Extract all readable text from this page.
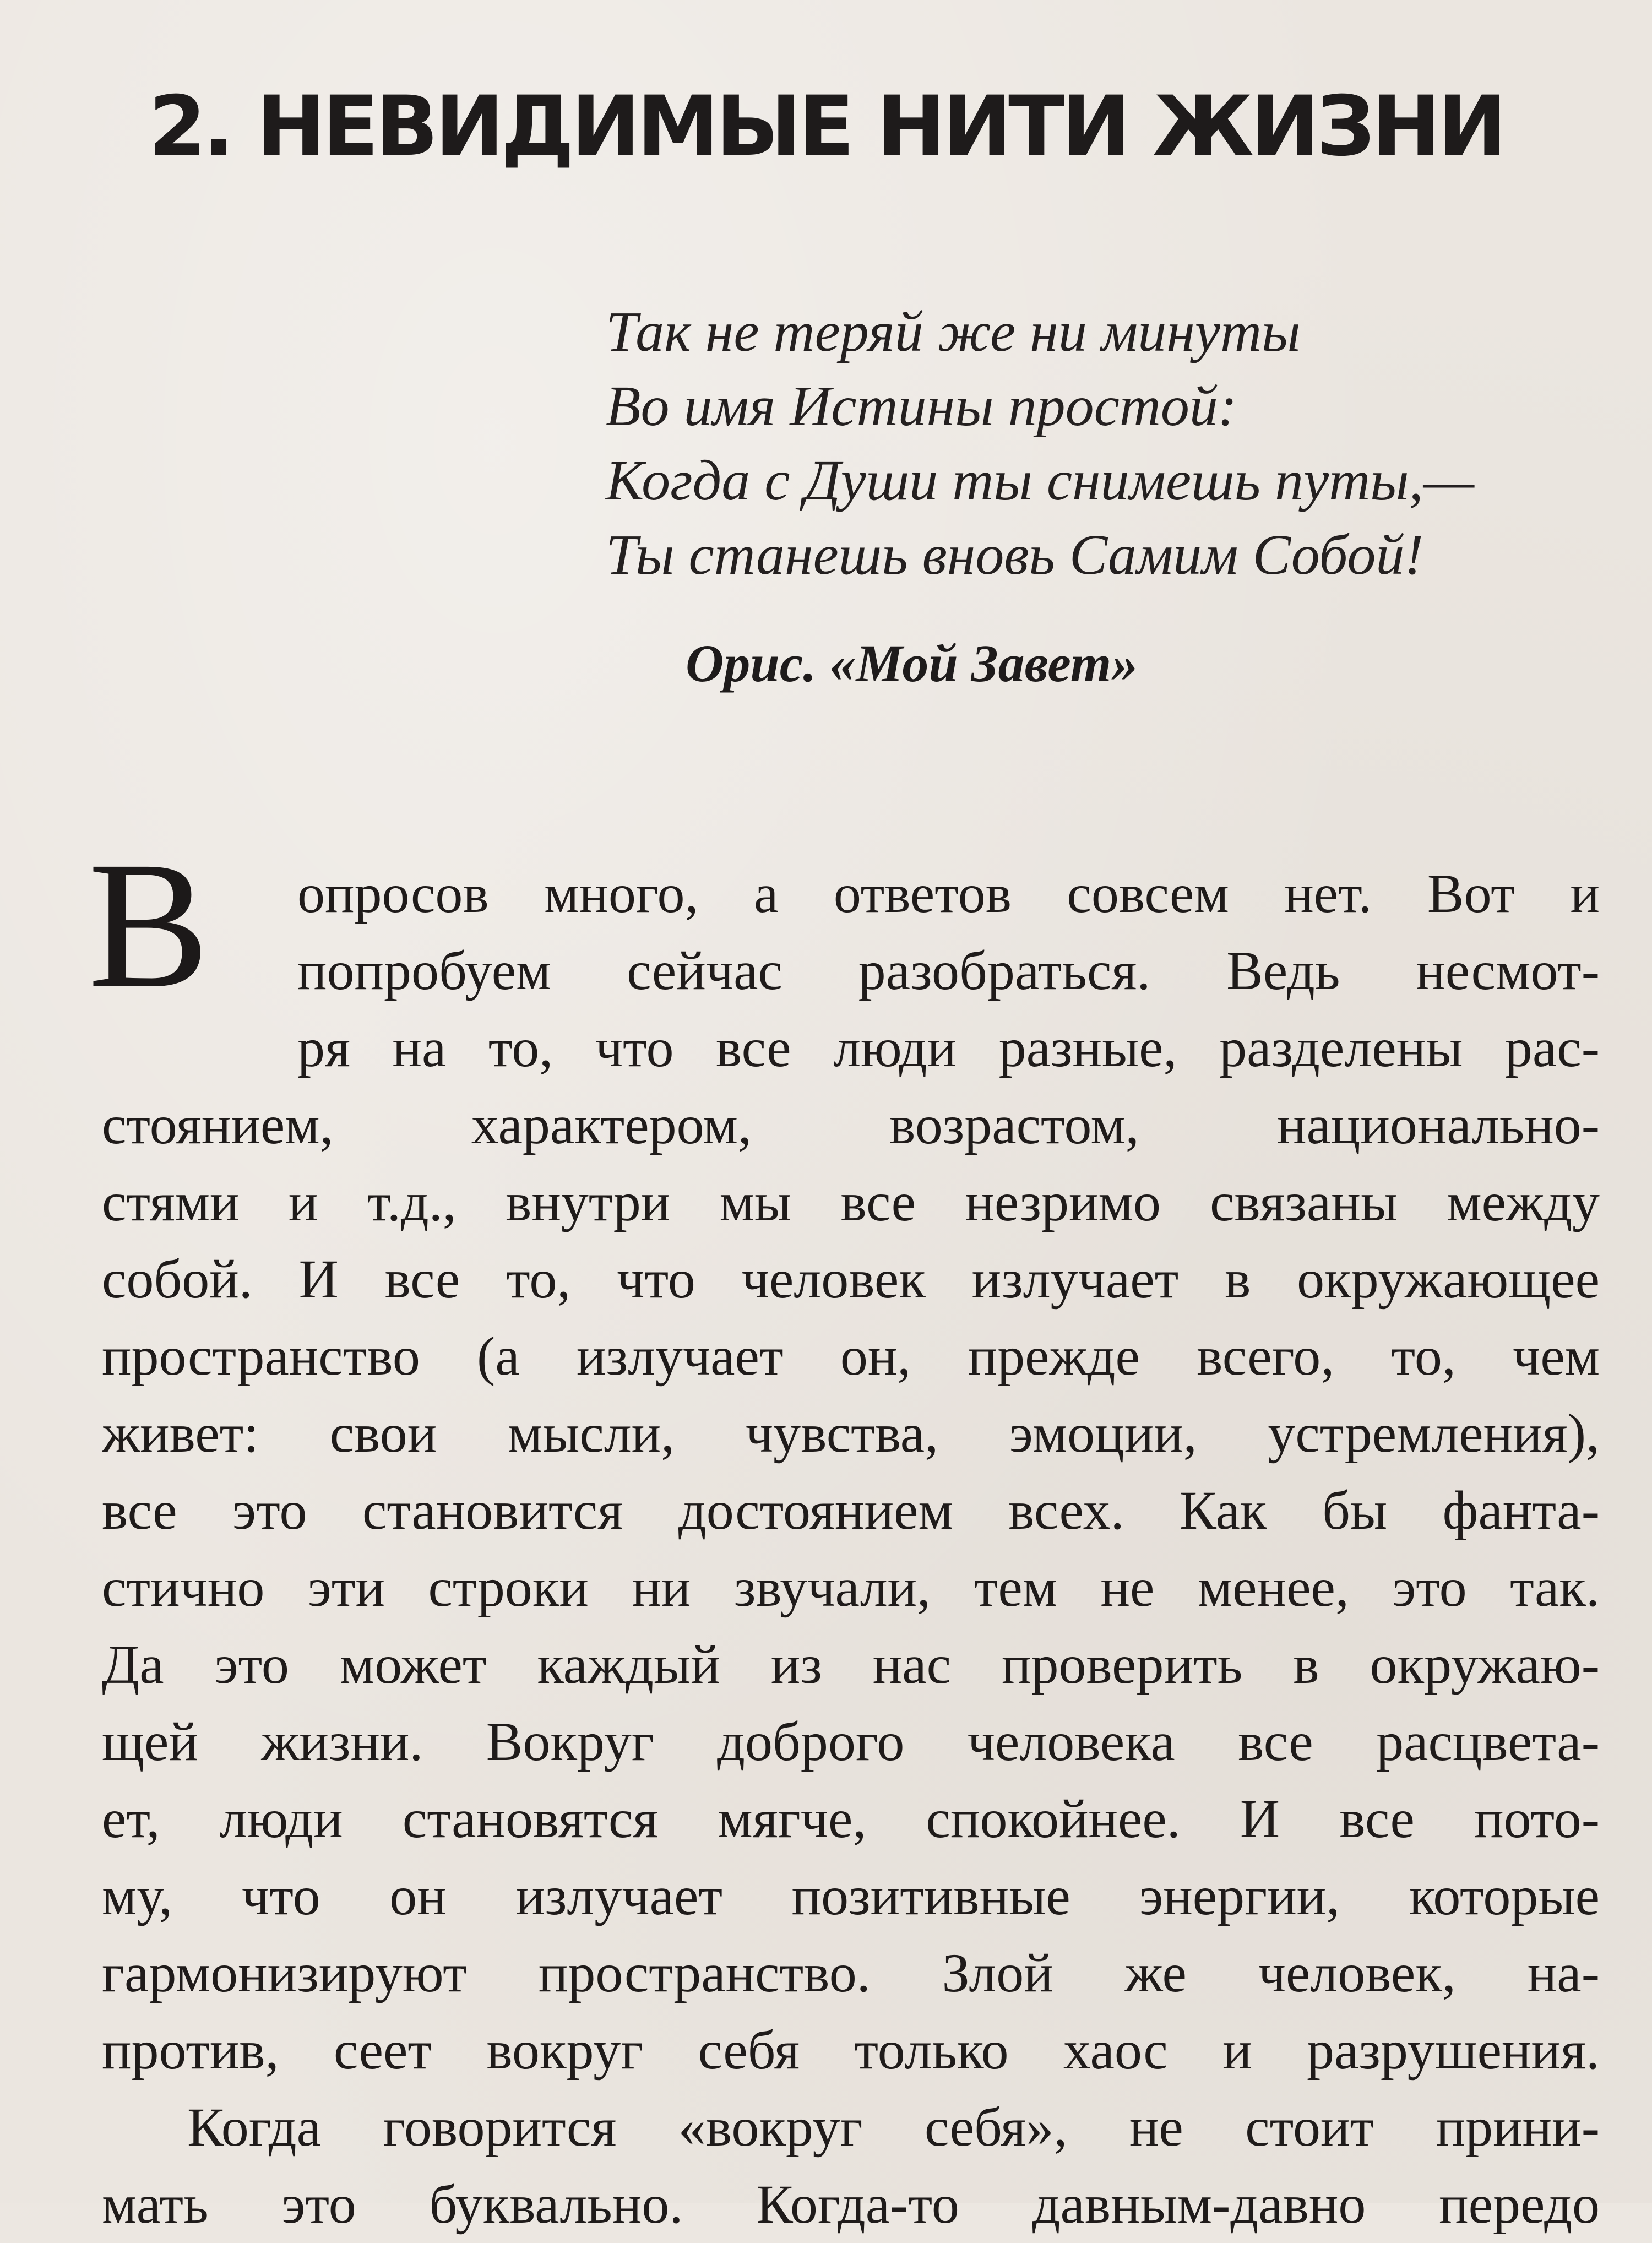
2. НЕВИДИМЫЕ НИТИ ЖИЗНИ
Так не теряй же ни минуты
Во имя Истины простой:
Когда с Души ты снимешь путы,—
Ты станешь вновь Самим Собой!
Орис. «Мой Завет»
В	опросов много, а ответов совсем нет. Вот и
попробуем сейчас разобраться. Ведь несмот-
ря на то, что все люди разные, разделены рас-
стоянием, характером, возрастом, национально-
стями и т.д., внутри мы все незримо связаны между
собой. И все то, что человек излучает в окружающее
пространство (а излучает он, прежде всего, то, чем
живет: свои мысли, чувства, эмоции, устремления),
все это становится достоянием всех. Как бы фанта-
стично эти строки ни звучали, тем не менее, это так.
Да это может каждый из нас проверить в окружаю-
щей жизни. Вокруг доброго человека все расцвета-
ет, люди становятся мягче, спокойнее. И все пото-
му, что он излучает позитивные энергии, которые
гармонизируют пространство. Злой же человек, на-
против, сеет вокруг себя только хаос и разрушения.
Когда говорится «вокруг себя», не стоит прини-
мать это буквально. Когда-то давным-давно передо
